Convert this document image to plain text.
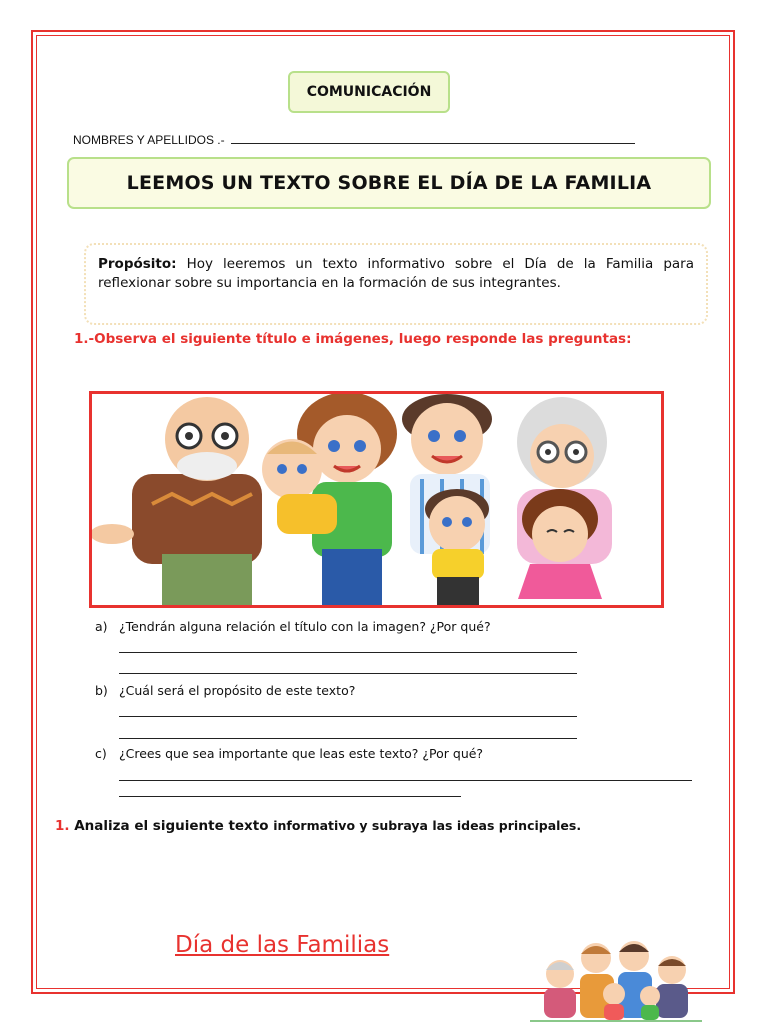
COMUNICACIÓN
NOMBRES Y APELLIDOS .-
LEEMOS UN TEXTO SOBRE EL DÍA DE LA FAMILIA
Propósito: Hoy leeremos un texto informativo sobre el Día de la Familia para reflexionar sobre su importancia en la formación de sus integrantes.
1.-Observa el siguiente título e imágenes, luego responde las preguntas:
a) ¿Tendrán alguna relación el título con la imagen? ¿Por qué?
b) ¿Cuál será el propósito de este texto?
c) ¿Crees que sea importante que leas este texto? ¿Por qué?
1. Analiza el siguiente texto informativo y subraya las ideas principales.
Día de las Familias
